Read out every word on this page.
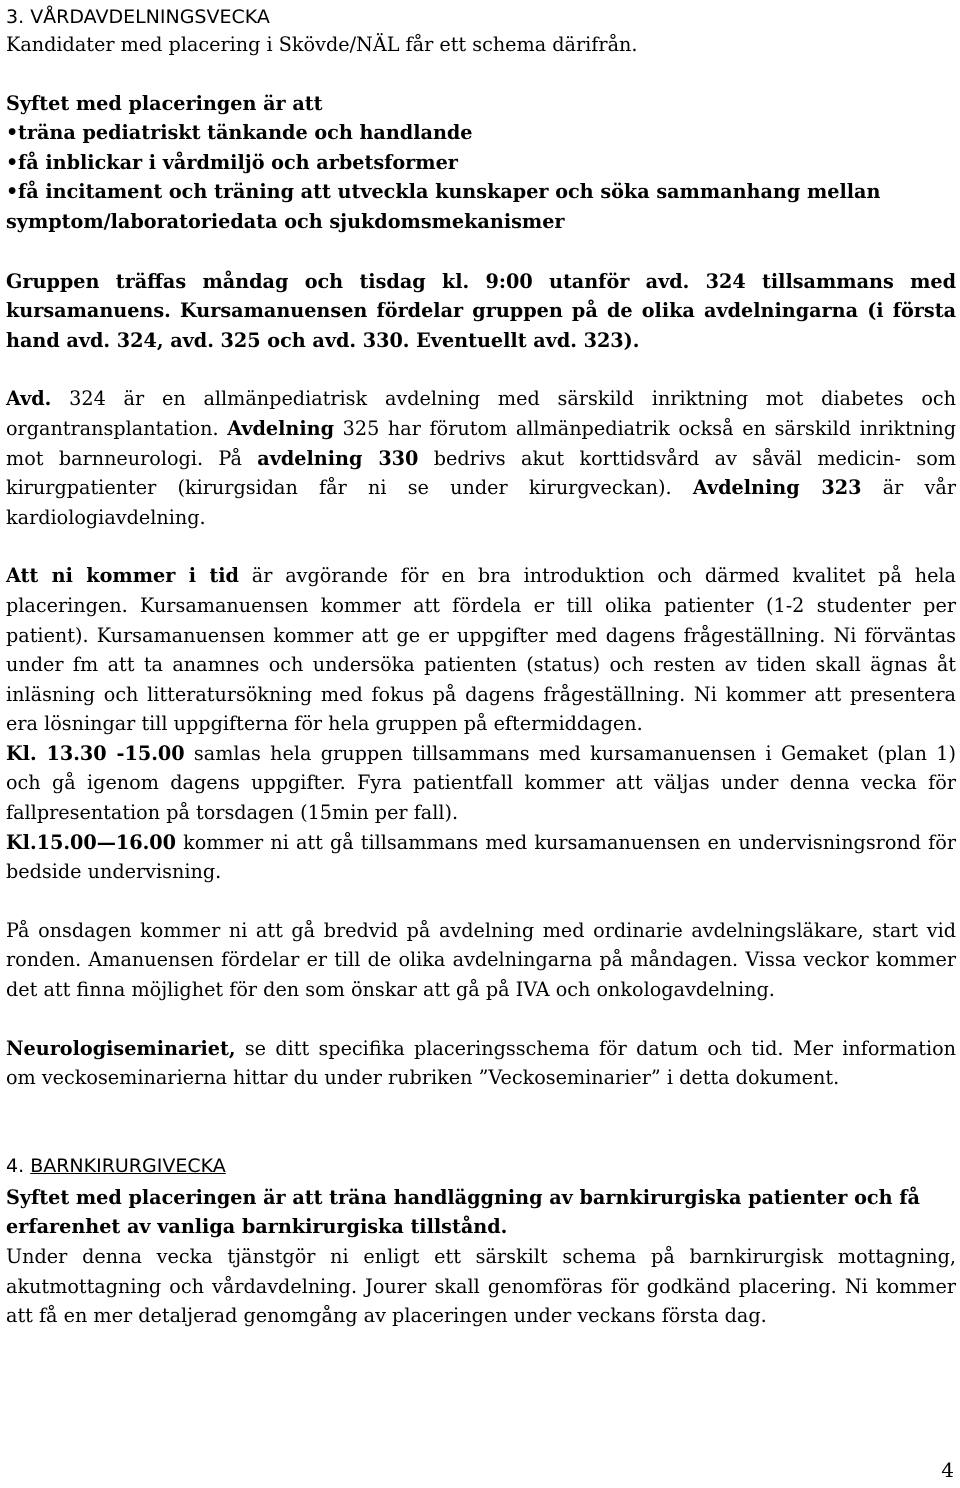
3. VÅRDAVDELNINGSVECKA

Kandidater med placering i Skövde/NÄL får ett schema därifrån.

Syftet med placeringen är att

•träna pediatriskt tänkande och handlande
•få inblickar i vårdmiljö och arbetsformer
•få incitament och träning att utveckla kunskaper och söka sammanhang mellan symptom/laboratoriedata och sjukdomsmekanismer

Gruppen träffas måndag och tisdag kl. 9:00 utanför avd. 324 tillsammans med kursamanuens. Kursamanuensen fördelar gruppen på de olika avdelningarna (i första hand avd. 324, avd. 325 och avd. 330. Eventuellt avd. 323).

Avd. 324 är en allmänpediatrisk avdelning med särskild inriktning mot diabetes och organtransplantation. Avdelning 325 har förutom allmänpediatrik också en särskild inriktning mot barnneurologi. På avdelning 330 bedrivs akut korttidsvård av såväl medicin- som kirurgpatienter (kirurgsidan får ni se under kirurgveckan). Avdelning 323 är vår kardiologiavdelning.

Att ni kommer i tid är avgörande för en bra introduktion och därmed kvalitet på hela placeringen. Kursamanuensen kommer att fördela er till olika patienter (1-2 studenter per patient). Kursamanuensen kommer att ge er uppgifter med dagens frågeställning. Ni förväntas under fm att ta anamnes och undersöka patienten (status) och resten av tiden skall ägnas åt inläsning och litteratursökning med fokus på dagens frågeställning. Ni kommer att presentera era lösningar till uppgifterna för hela gruppen på eftermiddagen.
Kl. 13.30 -15.00 samlas hela gruppen tillsammans med kursamanuensen i Gemaket (plan 1) och gå igenom dagens uppgifter. Fyra patientfall kommer att väljas under denna vecka för fallpresentation på torsdagen (15min per fall).
Kl.15.00—16.00 kommer ni att gå tillsammans med kursamanuensen en undervisningsrond för bedside undervisning.

På onsdagen kommer ni att gå bredvid på avdelning med ordinarie avdelningsläkare, start vid ronden. Amanuensen fördelar er till de olika avdelningarna på måndagen. Vissa veckor kommer det att finna möjlighet för den som önskar att gå på IVA och onkologavdelning.

Neurologiseminariet, se ditt specifika placeringsschema för datum och tid. Mer information om veckoseminarierna hittar du under rubriken ”Veckoseminarier” i detta dokument.

4. BARNKIRURGIVECKA

Syftet med placeringen är att träna handläggning av barnkirurgiska patienter och få erfarenhet av vanliga barnkirurgiska tillstånd.

Under denna vecka tjänstgör ni enligt ett särskilt schema på barnkirurgisk mottagning, akutmottagning och vårdavdelning. Jourer skall genomföras för godkänd placering. Ni kommer att få en mer detaljerad genomgång av placeringen under veckans första dag.

4
